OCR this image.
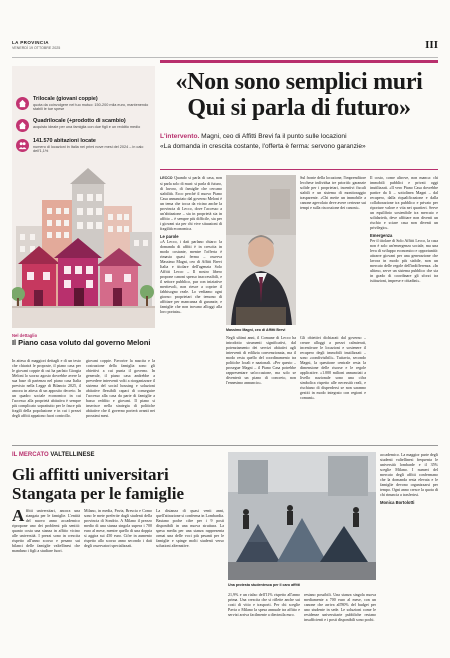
LA PROVINCIA
VENERDÌ 19 OTTOBRE 2025	III
Trilocale (giovani coppie)
quota da coinvolgere nel tuo mutuo: 150-200 mila euro, mantenendo stabili le tue spese
Quadrilocale (+prodotto di scambio)
acquisto ideale per una famiglia con due figli e un reddito medio
141.570 abitazioni locate
numero di locazioni in Italia nei primi nove mesi del 2024 – in calo dell'1,1%
«Non sono semplici muri Qui si parla di futuro»
L'intervento. Magni, ceo di Affitti Brevi fa il punto sulle locazioni
«La domanda in crescita costante, l'offerta è ferma: servono garanzie»
LECCO Quando si parla di casa, non si parla solo di muri: si parla di futuro, di lavoro, di famiglie che cercano stabilità. Ecco perché il nuovo Piano Casa annunciato dal governo Meloni è un tema che tocca da vicino anche la provincia di Lecco, dove l'accesso a un'abitazione – sia in proprietà sia in affitto – è sempre più difficile, sia per i giovani sia per chi vive situazioni di fragilità economica.
Le parole
«A Lecco, i dati parlano chiaro: la domanda di affitti è in crescita in modo costante, mentre l'offerta è rimasta quasi ferma – osserva Massimo Magni, ceo di Affitti Brevi Italia e titolare dell'agenzia Solo Affitti Lecco – Il nostro libero propone canoni spesso inaccessibili, e il settore pubblico, pur con iniziative meritevoli, non riesce a coprire il fabbisogno reale. Lo vediamo ogni giorno: proprietari che temono di affittare per mancanza di garanzie, e famiglie che non trovano alloggi alla loro portata».
Massimo Magni, ceo di Affitti Brevi
Negli ultimi anni, il Comune di Lecco ha introdotto strumenti significativi, dal potenziamento dei servizi abitativi agli interventi di edilizia convenzionata, ma il modo resta quello del coordinamento tra politiche locali e nazionali. «Per questo – prosegue Magni – il Piano Casa potrebbe rappresentare un'occasione, ma solo se diventerà un piano di concreto, non l'ennesimo annuncio».
Gli obiettivi dichiarati dal governo – creare alloggi a prezzi calmierati, incentivare le locazioni e sostenere il recupero degli immobili inutilizzati – sono «condivisibili». Tuttavia, secondo Magni, la questione centrale resta la dimensione delle risorse e le regole applicative. «1.000 milioni annunciati a livello nazionale sono una cifra simbolica rispetto alle necessità reali, e rischiano di disperdersi se non saranno gestiti in modo integrato con regioni e comuni».
Sul fronte della locazione, l'imprenditore lecchese individua tre priorità: garanzie solide per i proprietari, incentivi fiscali stabili e un sistema di monitoraggio trasparente. «Chi mette un immobile a canone agevolato deve avere certezze sui tempi e sulla riscossione dei canoni».
Il costo, come altrove, non manca: chi immobili pubblici e privati oggi inutilizzati. «Il vero Piano Casa dovrebbe partire da lì – sottolinea Magni – dal recupero, dalla riqualificazione e dalla collaborazione tra pubblico e privato per riportare valore e vita nei quartieri. Serve un equilibrio sostenibile tra mercato e solidarietà, deve affittare non diventi un rischio e sciare casa non diventi un privilegio».
Emergenza
Per il titolare di Solo Affitti Lecco, la casa non è solo un'emergenza sociale, ma una leva di sviluppo economico e opportunità: attrarre giovani per una generazione che lavora in modo più stabile, non un mercato delle regole dell'indifferenza. «In ultimo, serve un sistema pubblico che sia in grado di coordinare gli sforzi tra istituzioni, imprese e cittadini».
Nel dettaglio
Il Piano casa voluto dal governo Meloni
In attesa di maggiori dettagli e di un testo che chiarirà le proposte, il piano casa per le giovani coppie di cui ha parlato Giorgia Meloni lo scorso agosto dovrebbe avere la sua base di partenza nel piano casa Italia previsto nella Legge di Bilancio 2025, il ancora in attesa di un apposito decreto. In un quadro sociale economico in cui l'accesso alla proprietà abitativa è sempre più complicato soprattutto per le fasce più fragili della popolazione e in cui i prezzi degli affitti appaiono fuori controllo.
giovani coppie. Favorire la nascita e la costruzione della famiglia sono gli obiettivi a cui punta il governo. In generale, il piano casa andrebbe a prevedere interventi volti a riorganizzare il sistema del social housing e soluzioni abitative flessibili capaci di conseguire l'accesso alla casa da parte di famiglie a basso reddito e giovani. Il piano si inserisce nella strategia di politiche abitative che il governo porterà avanti nei prossimi mesi.
IL MERCATO VALTELLINESE
Gli affitti universitari Stangata per le famiglie
A ffitti universitari, ancora una stangata per le famiglie. L'entità del nuovo anno accademico ripropone uno dei problemi più sentiti: quanto costa una stanza in affitto vicino alle università. I prezzi sono in crescita rispetto all'anno scorso e pesano sui bilanci delle famiglie valtellinesi che mandano i figli a studiare fuori.
Milano, in media, Pavia, Brescia e Como sono le mete preferite dagli studenti della provincia di Sondrio. A Milano il prezzo medio di una stanza singola supera i 700 euro al mese, mentre quello di una doppia si aggira sui 450 euro. Cifre in aumento rispetto allo scorso anno secondo i dati degli osservatori specializzati.
La distanza di quasi venti anni, quell'attrazione si conferma in Lombardia. Bastano poche cifre per i 9 posti disponibili in una nuova struttura. La spesa media per una stanza rappresenta ormai una delle voci più pesanti per le famiglie e spinge molti studenti verso soluzioni alternative.
Una protesta studentesca per il caro affitti
21,9% e un rialzo dell'11% rispetto all'anno prima. Una crescita che si riflette anche sui costi di vitto e trasporti. Per chi sceglie Pavia o Milano la spesa annuale tra affitto e servizi arriva facilmente a diecimila euro.
restano possibili. Una stanza singola nuova mediamente a 700 euro al mese, con un canone che arriva all'80% del budget per uno studente in sede. Le soluzioni come le residenze universitarie pubbliche restano insufficienti e i posti disponibili sono pochi.
accademico. La maggior parte degli studenti valtellinesi frequenta le università lombarde e il 35% sceglie Milano. I numeri del mercato degli affitti confermano che la domanda resta elevata e le famiglie devono organizzarsi per tempo. Ogni anno cresce la quota di chi rinuncia a trasferirsi.
Monica Bortolotti
